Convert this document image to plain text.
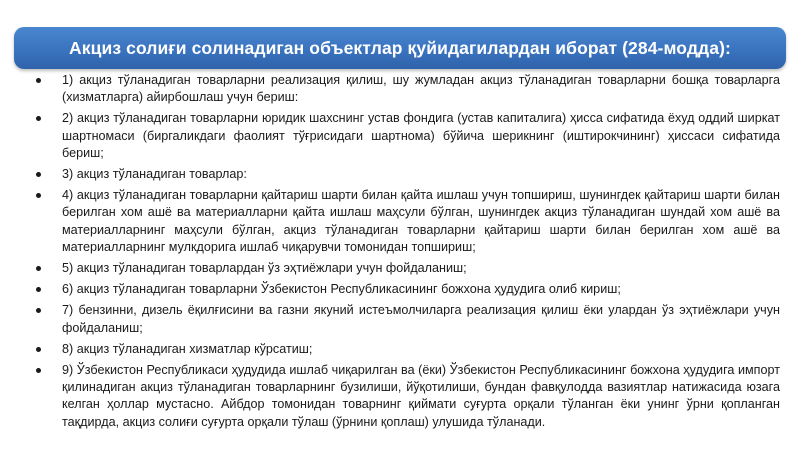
Акциз солиғи солинадиган объектлар қуйидагилардан иборат (284-модда):
1) акциз тўланадиган товарларни реализация қилиш, шу жумладан акциз тўланадиган товарларни бошқа товарларга (хизматларга) айирбошлаш учун бериш:
2) акциз тўланадиган товарларни юридик шахснинг устав фондига (устав капиталига) ҳисса сифатида ёхуд оддий ширкат шартномаси (биргаликдаги фаолият тўғрисидаги шартнома) бўйича шерикнинг (иштирокчининг) ҳиссаси сифатида бериш;
3) акциз тўланадиган товарлар:
4) акциз тўланадиган товарларни қайтариш шарти билан қайта ишлаш учун топшириш, шунингдек қайтариш шарти билан берилган хом ашё ва материалларни қайта ишлаш маҳсули бўлган, шунингдек акциз тўланадиган шундай хом ашё ва материалларнинг маҳсули бўлган, акциз тўланадиган товарларни қайтариш шарти билан берилган хом ашё ва материалларнинг мулкдорига ишлаб чиқарувчи томонидан топшириш;
5) акциз тўланадиган товарлардан ўз эҳтиёжлари учун фойдаланиш;
6) акциз тўланадиган товарларни Ўзбекистон Республикасининг божхона ҳудудига олиб кириш;
7) бензинни, дизель ёқилғисини ва газни якуний истеъмолчиларга реализация қилиш ёки улардан ўз эҳтиёжлари учун фойдаланиш;
8) акциз тўланадиган хизматлар кўрсатиш;
9) Ўзбекистон Республикаси ҳудудида ишлаб чиқарилган ва (ёки) Ўзбекистон Республикасининг божхона ҳудудига импорт қилинадиган акциз тўланадиган товарларнинг бузилиши, йўқотилиши, бундан фавқулодда вазиятлар натижасида юзага келган ҳоллар мустасно. Айбдор томонидан товарнинг қиймати суғурта орқали тўланган ёки унинг ўрни қопланган тақдирда, акциз солиғи суғурта орқали тўлаш (ўрнини қоплаш) улушида тўланади.
